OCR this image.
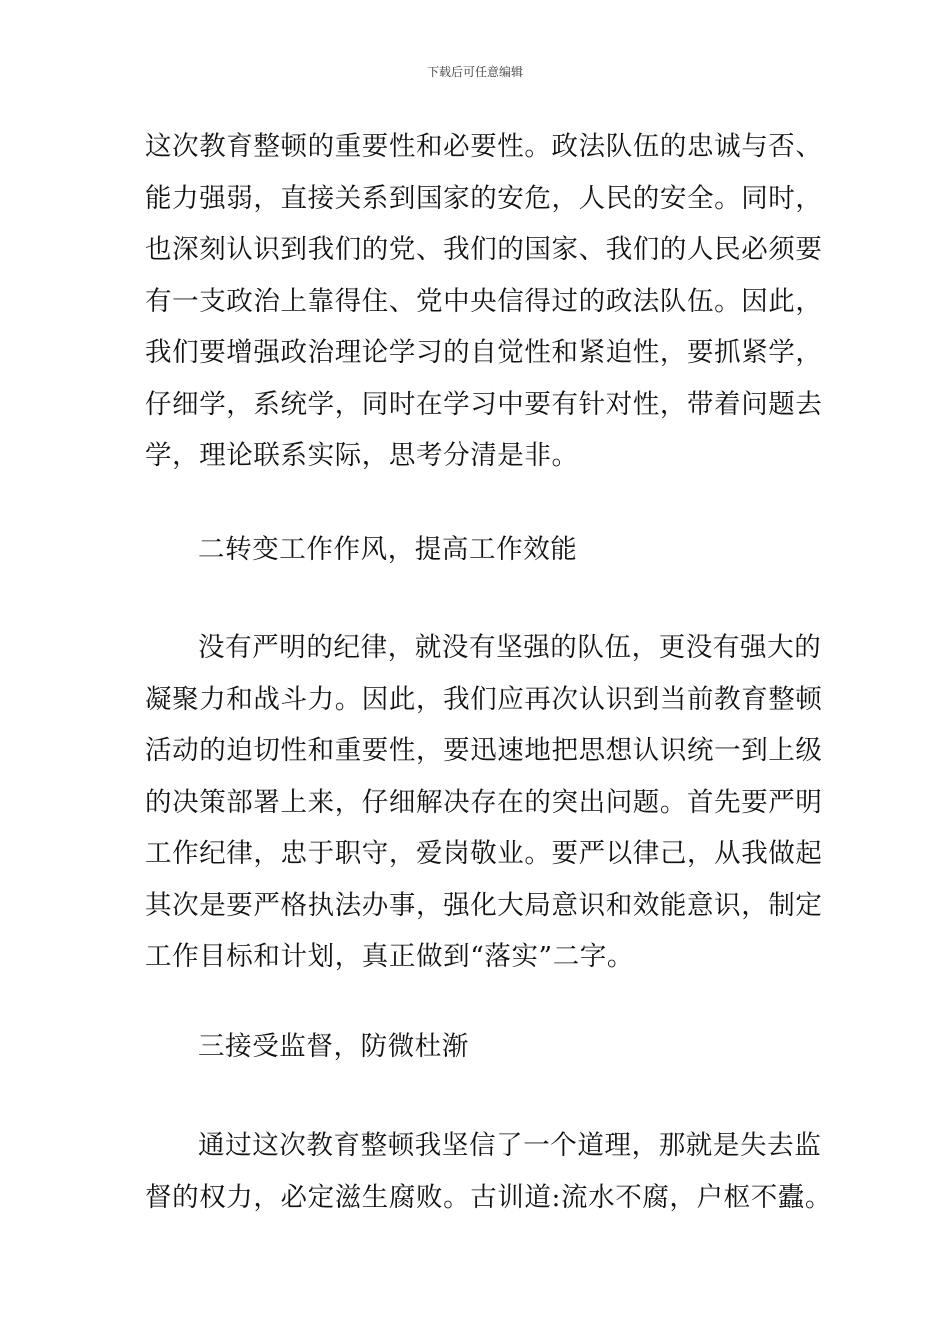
下载后可任意编辑
这次教育整顿的重要性和必要性。政法队伍的忠诚与否、
能力强弱，直接关系到国家的安危，人民的安全。同时，
也深刻认识到我们的党、我们的国家、我们的人民必须要
有一支政治上靠得住、党中央信得过的政法队伍。因此，
我们要增强政治理论学习的自觉性和紧迫性，要抓紧学，
仔细学，系统学，同时在学习中要有针对性，带着问题去
学，理论联系实际，思考分清是非。
二转变工作作风，提高工作效能
没有严明的纪律，就没有坚强的队伍，更没有强大的
凝聚力和战斗力。因此，我们应再次认识到当前教育整顿
活动的迫切性和重要性，要迅速地把思想认识统一到上级
的决策部署上来，仔细解决存在的突出问题。首先要严明
工作纪律，忠于职守，爱岗敬业。要严以律己，从我做起
其次是要严格执法办事，强化大局意识和效能意识，制定
工作目标和计划，真正做到“落实”二字。
三接受监督，防微杜渐
通过这次教育整顿我坚信了一个道理，那就是失去监
督的权力，必定滋生腐败。古训道:流水不腐，户枢不蠹。
